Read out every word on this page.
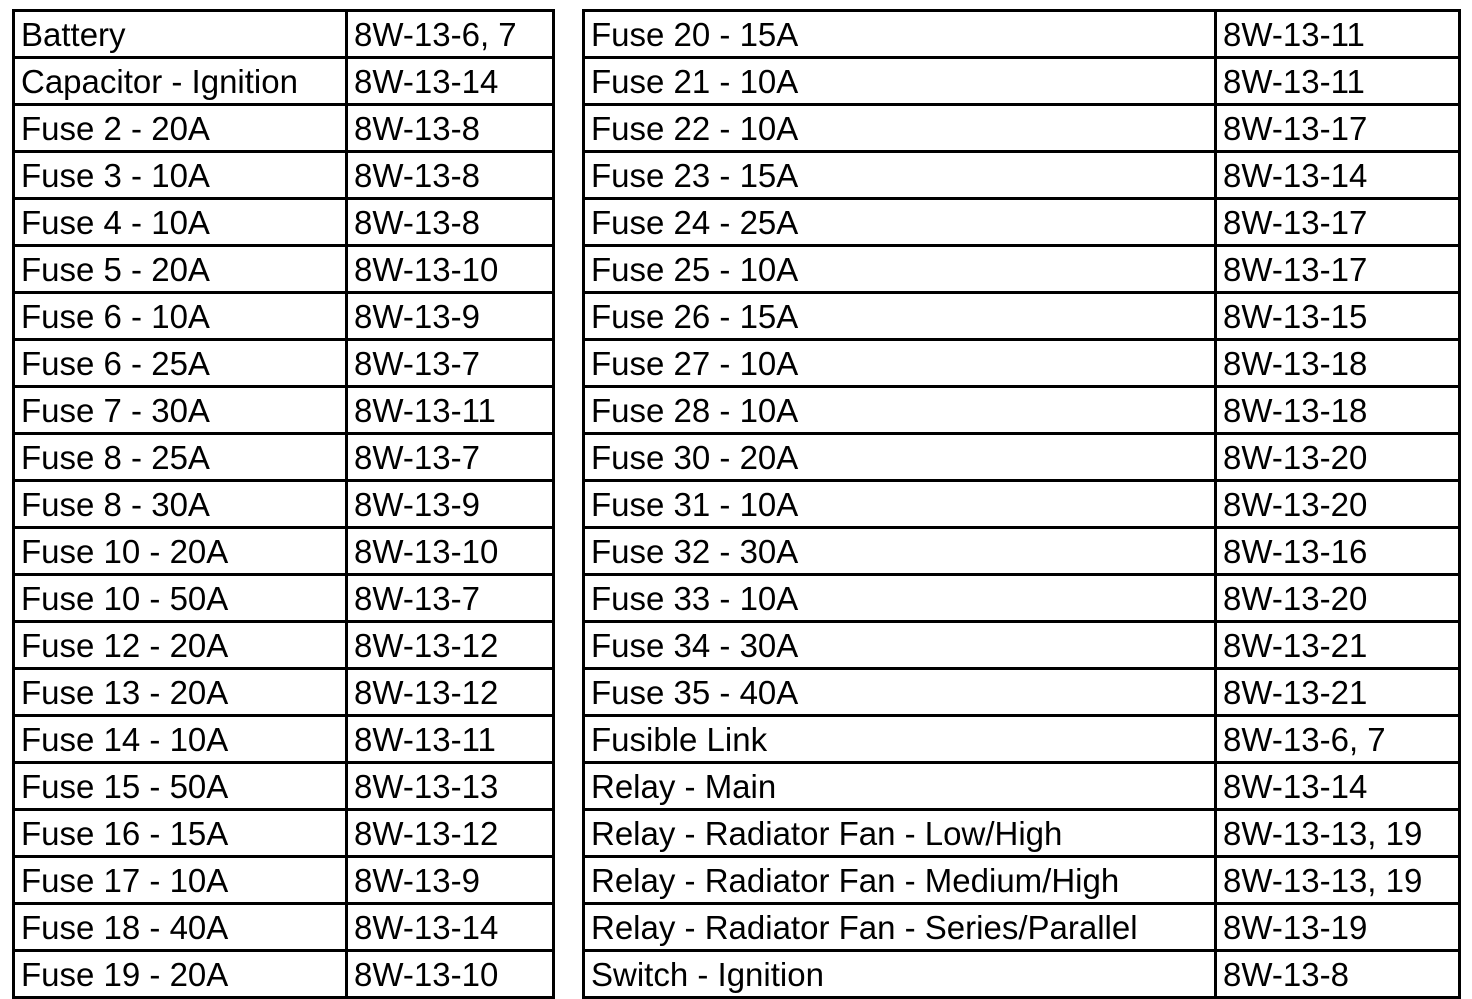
Battery	8W-13-6, 7
Capacitor - Ignition	8W-13-14
Fuse 2 - 20A	8W-13-8
Fuse 3 - 10A	8W-13-8
Fuse 4 - 10A	8W-13-8
Fuse 5 - 20A	8W-13-10
Fuse 6 - 10A	8W-13-9
Fuse 6 - 25A	8W-13-7
Fuse 7 - 30A	8W-13-11
Fuse 8 - 25A	8W-13-7
Fuse 8 - 30A	8W-13-9
Fuse 10 - 20A	8W-13-10
Fuse 10 - 50A	8W-13-7
Fuse 12 - 20A	8W-13-12
Fuse 13 - 20A	8W-13-12
Fuse 14 - 10A	8W-13-11
Fuse 15 - 50A	8W-13-13
Fuse 16 - 15A	8W-13-12
Fuse 17 - 10A	8W-13-9
Fuse 18 - 40A	8W-13-14
Fuse 19 - 20A	8W-13-10
Fuse 20 - 15A	8W-13-11
Fuse 21 - 10A	8W-13-11
Fuse 22 - 10A	8W-13-17
Fuse 23 - 15A	8W-13-14
Fuse 24 - 25A	8W-13-17
Fuse 25 - 10A	8W-13-17
Fuse 26 - 15A	8W-13-15
Fuse 27 - 10A	8W-13-18
Fuse 28 - 10A	8W-13-18
Fuse 30 - 20A	8W-13-20
Fuse 31 - 10A	8W-13-20
Fuse 32 - 30A	8W-13-16
Fuse 33 - 10A	8W-13-20
Fuse 34 - 30A	8W-13-21
Fuse 35 - 40A	8W-13-21
Fusible Link	8W-13-6, 7
Relay - Main	8W-13-14
Relay - Radiator Fan - Low/High	8W-13-13, 19
Relay - Radiator Fan - Medium/High	8W-13-13, 19
Relay - Radiator Fan - Series/Parallel	8W-13-19
Switch - Ignition	8W-13-8
